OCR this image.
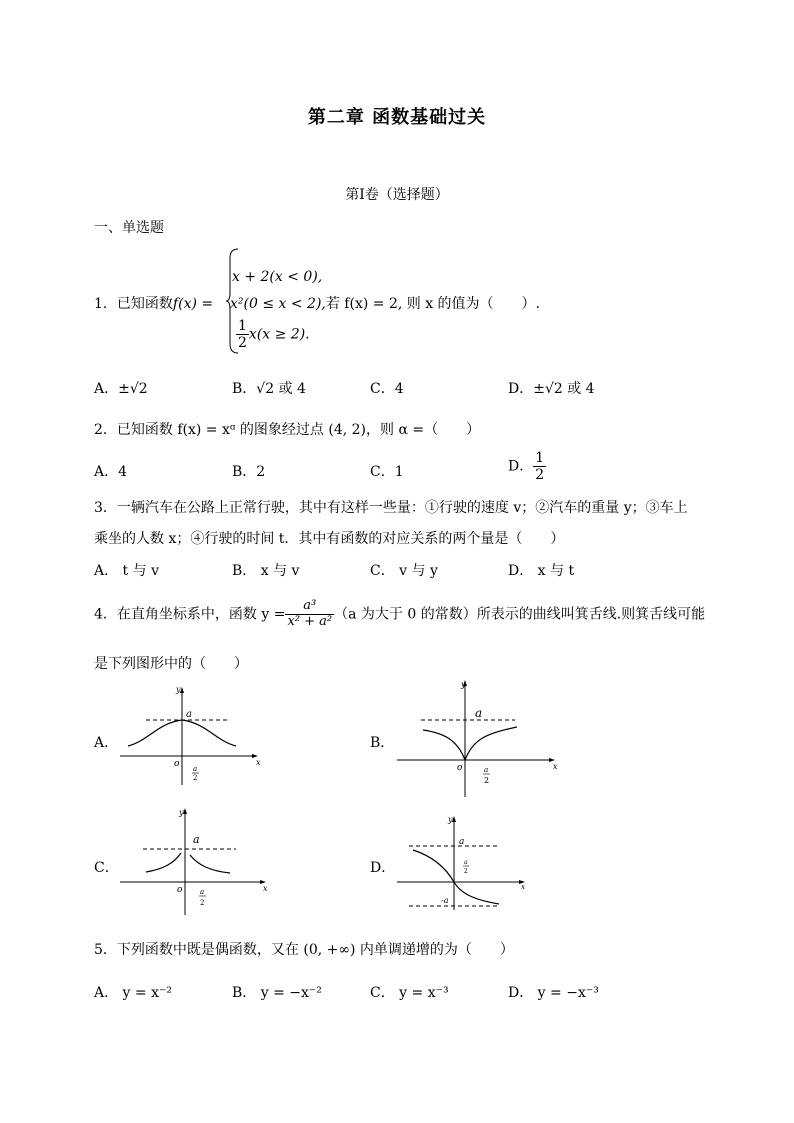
第二章 函数基础过关
第Ⅰ卷（选择题）
一、单选题
1．已知函数f(x) =
x + 2(x < 0),
x²(0 ≤ x < 2),若 f(x) = 2, 则 x 的值为（　　）.
$\frac{1}{2} x(x \ge 2)$.
A．±√2	B．√2 或 4	C．4	D．±√2 或 4
2．已知函数 f(x) = xᵅ 的图象经过点 (4, 2)，则 α =（　　）
A．4	B．2	C．1	D． $\frac{1}{2}$
3．一辆汽车在公路上正常行驶，其中有这样一些量：①行驶的速度 v；②汽车的重量 y；③车上
乘坐的人数 x；④行驶的时间 t．其中有函数的对应关系的两个量是（　　）
A． t 与 v	B． x 与 v	C． v 与 y	D． x 与 t
4．在直角坐标系中，函数 $y = \frac{\text{a³}}{\text{x² + a²}} (a$ 为大于 0 的常数）所表示的曲线叫箕舌线.则箕舌线可能
是下列图形中的（　　）
A．	B．
C．	D．
y
x
o
a
a
2
y
x
o
a
a
2
y
x
o
a
a
2
y
x
a
a
2
-a
5．下列函数中既是偶函数，又在 (0, +∞) 内单调递增的为（　　）
A． y = x⁻²	B． y = −x⁻²	C． y = x⁻³	D． y = −x⁻³
